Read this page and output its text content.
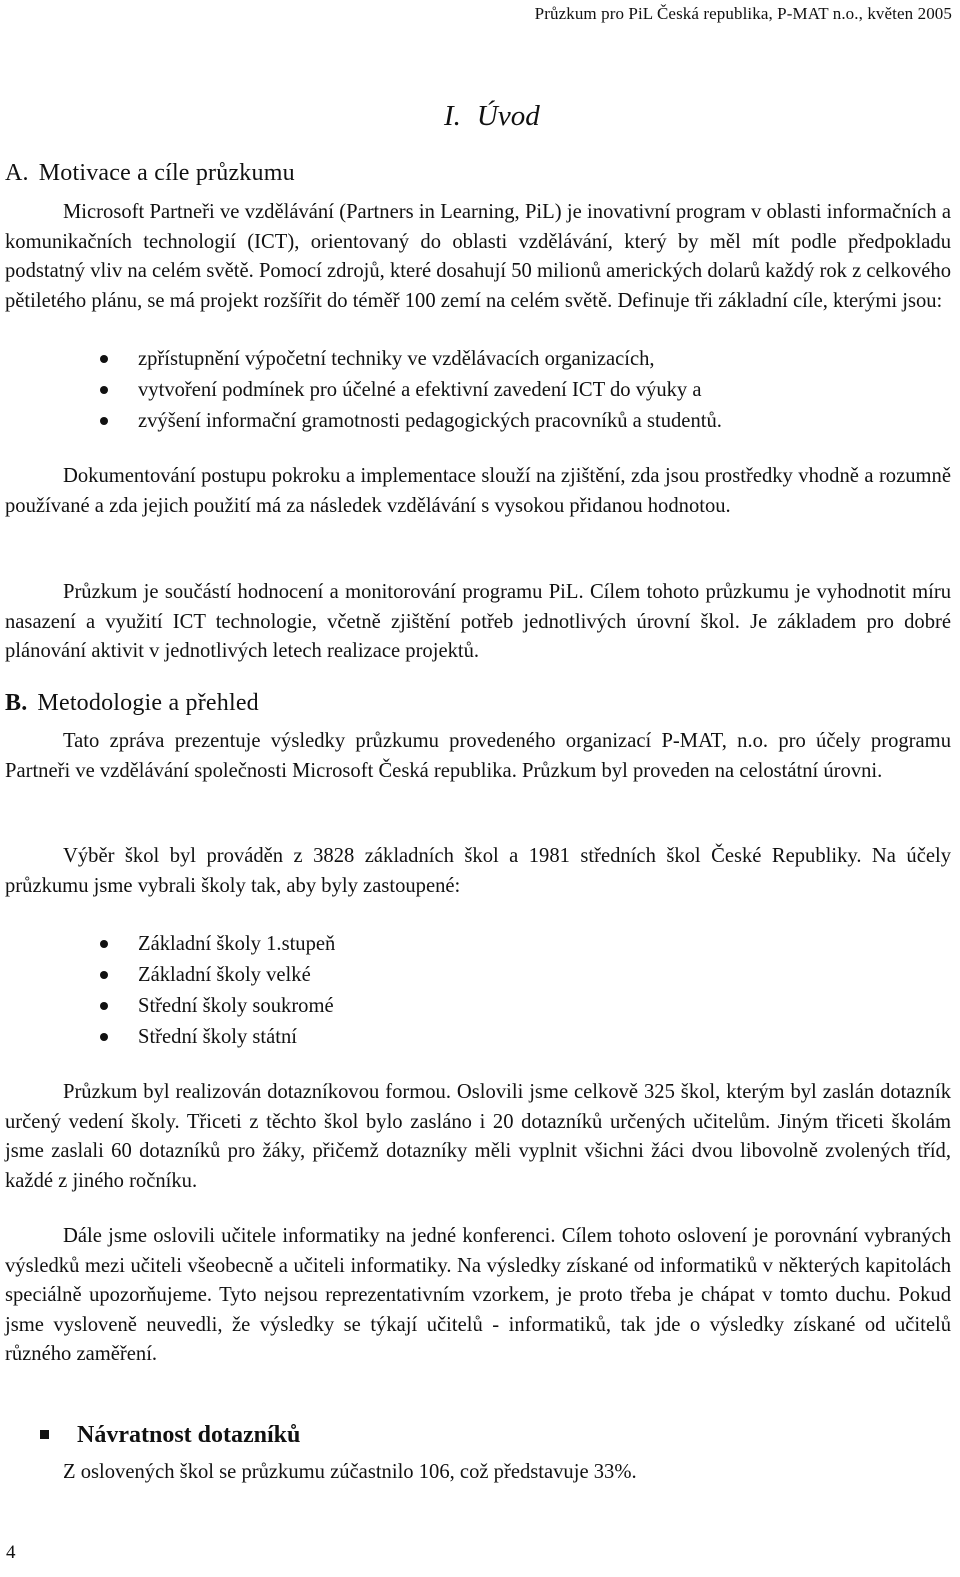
Průzkum pro PiL Česká republika, P-MAT n.o., květen 2005
I. Úvod
A. Motivace a cíle průzkumu

Microsoft Partneři ve vzdělávání (Partners in Learning, PiL) je inovativní program v oblasti informačních a komunikačních technologií (ICT), orientovaný do oblasti vzdělávání, který by měl mít podle předpokladu podstatný vliv na celém světě. Pomocí zdrojů, které dosahují 50 milionů amerických dolarů každý rok z celkového pětiletého plánu, se má projekt rozšířit do téměř 100 zemí na celém světě. Definuje tři základní cíle, kterými jsou:

zpřístupnění výpočetní techniky ve vzdělávacích organizacích,
vytvoření podmínek pro účelné a efektivní zavedení ICT do výuky a
zvýšení informační gramotnosti pedagogických pracovníků a studentů.

Dokumentování postupu pokroku a implementace slouží na zjištění, zda jsou prostředky vhodně a rozumně používané a zda jejich použití má za následek vzdělávání s vysokou přidanou hodnotou.

Průzkum je součástí hodnocení a monitorování programu PiL. Cílem tohoto průzkumu je vyhodnotit míru nasazení a využití ICT technologie, včetně zjištění potřeb jednotlivých úrovní škol. Je základem pro dobré plánování aktivit v jednotlivých letech realizace projektů.

B. Metodologie a přehled

Tato zpráva prezentuje výsledky průzkumu provedeného organizací P-MAT, n.o. pro účely programu Partneři ve vzdělávání společnosti Microsoft Česká republika. Průzkum byl proveden na celostátní úrovni.

Výběr škol byl prováděn z 3828 základních škol a 1981 středních škol České Republiky. Na účely průzkumu jsme vybrali školy tak, aby byly zastoupené:

Základní školy 1.stupeň
Základní školy velké
Střední školy soukromé
Střední školy státní

Průzkum byl realizován dotazníkovou formou. Oslovili jsme celkově 325 škol, kterým byl zaslán dotazník určený vedení školy. Třiceti z těchto škol bylo zasláno i 20 dotazníků určených učitelům. Jiným třiceti školám jsme zaslali 60 dotazníků pro žáky, přičemž dotazníky měli vyplnit všichni žáci dvou libovolně zvolených tříd, každé z jiného ročníku.

Dále jsme oslovili učitele informatiky na jedné konferenci. Cílem tohoto oslovení je porovnání vybraných výsledků mezi učiteli všeobecně a učiteli informatiky. Na výsledky získané od informatiků v některých kapitolách speciálně upozorňujeme. Tyto nejsou reprezentativním vzorkem, je proto třeba je chápat v tomto duchu. Pokud jsme vysloveně neuvedli, že výsledky se týkají učitelů - informatiků, tak jde o výsledky získané od učitelů různého zaměření.

Návratnost dotazníků

Z oslovených škol se průzkumu zúčastnilo 106, což představuje 33%.

4
